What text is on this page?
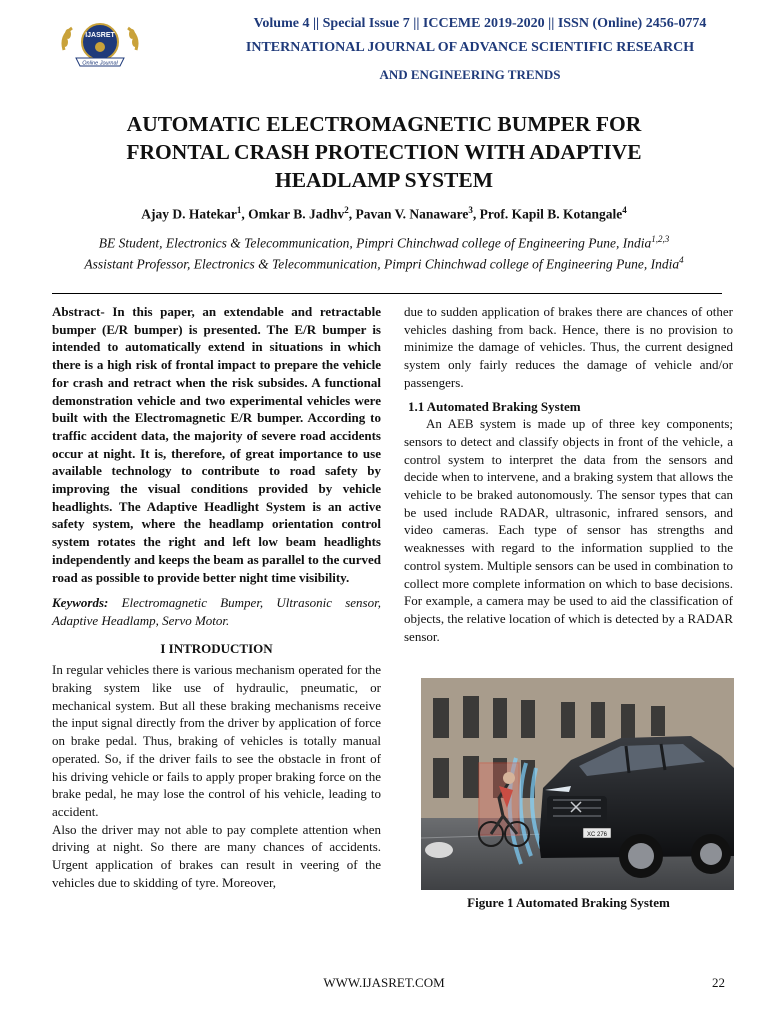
IJASRET
Online Journal
Volume 4 || Special Issue 7 || ICCEME 2019-2020 || ISSN (Online) 2456-0774
INTERNATIONAL JOURNAL OF ADVANCE SCIENTIFIC RESEARCH
AND ENGINEERING TRENDS
AUTOMATIC ELECTROMAGNETIC BUMPER FOR
FRONTAL CRASH PROTECTION WITH ADAPTIVE
HEADLAMP SYSTEM
Ajay D. Hatekar$^1$, Omkar B. Jadhv$^2$, Pavan V. Nanaware$^3$, Prof. Kapil B. Kotangale$^4$
BE Student, Electronics & Telecommunication, Pimpri Chinchwad college of Engineering Pune, India$^{1,2,3}$
Assistant Professor, Electronics & Telecommunication, Pimpri Chinchwad college of Engineering Pune, India$^4$

Abstract- In this paper, an extendable and retractable bumper (E/R bumper) is presented. The E/R bumper is intended to automatically extend in situations in which there is a high risk of frontal impact to prepare the vehicle for crash and retract when the risk subsides. A functional demonstration vehicle and two experimental vehicles were built with the Electromagnetic E/R bumper. According to traffic accident data, the majority of severe road accidents occur at night. It is, therefore, of great importance to use available technology to contribute to road safety by improving the visual conditions provided by vehicle headlights. The Adaptive Headlight System is an active safety system, where the headlamp orientation control system rotates the right and left low beam headlights independently and keeps the beam as parallel to the curved road as possible to provide better night time visibility.

Keywords: Electromagnetic Bumper, Ultrasonic sensor, Adaptive Headlamp, Servo Motor.

I INTRODUCTION

In regular vehicles there is various mechanism operated for the braking system like use of hydraulic, pneumatic, or mechanical system. But all these braking mechanisms receive the input signal directly from the driver by application of force on brake pedal. Thus, braking of vehicles is totally manual operated. So, if the driver fails to see the obstacle in front of his driving vehicle or fails to apply proper braking force on the brake pedal, he may lose the control of his vehicle, leading to accident.

Also the driver may not able to pay complete attention when driving at night. So there are many chances of accidents. Urgent application of brakes can result in veering of the vehicles due to skidding of tyre. Moreover,

due to sudden application of brakes there are chances of other vehicles dashing from back. Hence, there is no provision to minimize the damage of vehicles. Thus, the current designed system only fairly reduces the damage of vehicle and/or passengers.

1.1 Automated Braking System

An AEB system is made up of three key components; sensors to detect and classify objects in front of the vehicle, a control system to interpret the data from the sensors and decide when to intervene, and a braking system that allows the vehicle to be braked autonomously. The sensor types that can be used include RADAR, ultrasonic, infrared sensors, and video cameras. Each type of sensor has strengths and weaknesses with regard to the information supplied to the control system. Multiple sensors can be used in combination to collect more complete information on which to base decisions. For example, a camera may be used to aid the classification of objects, the relative location of which is detected by a RADAR sensor.

XC 276
Figure 1 Automated Braking System
WWW.IJASRET.COM	22
